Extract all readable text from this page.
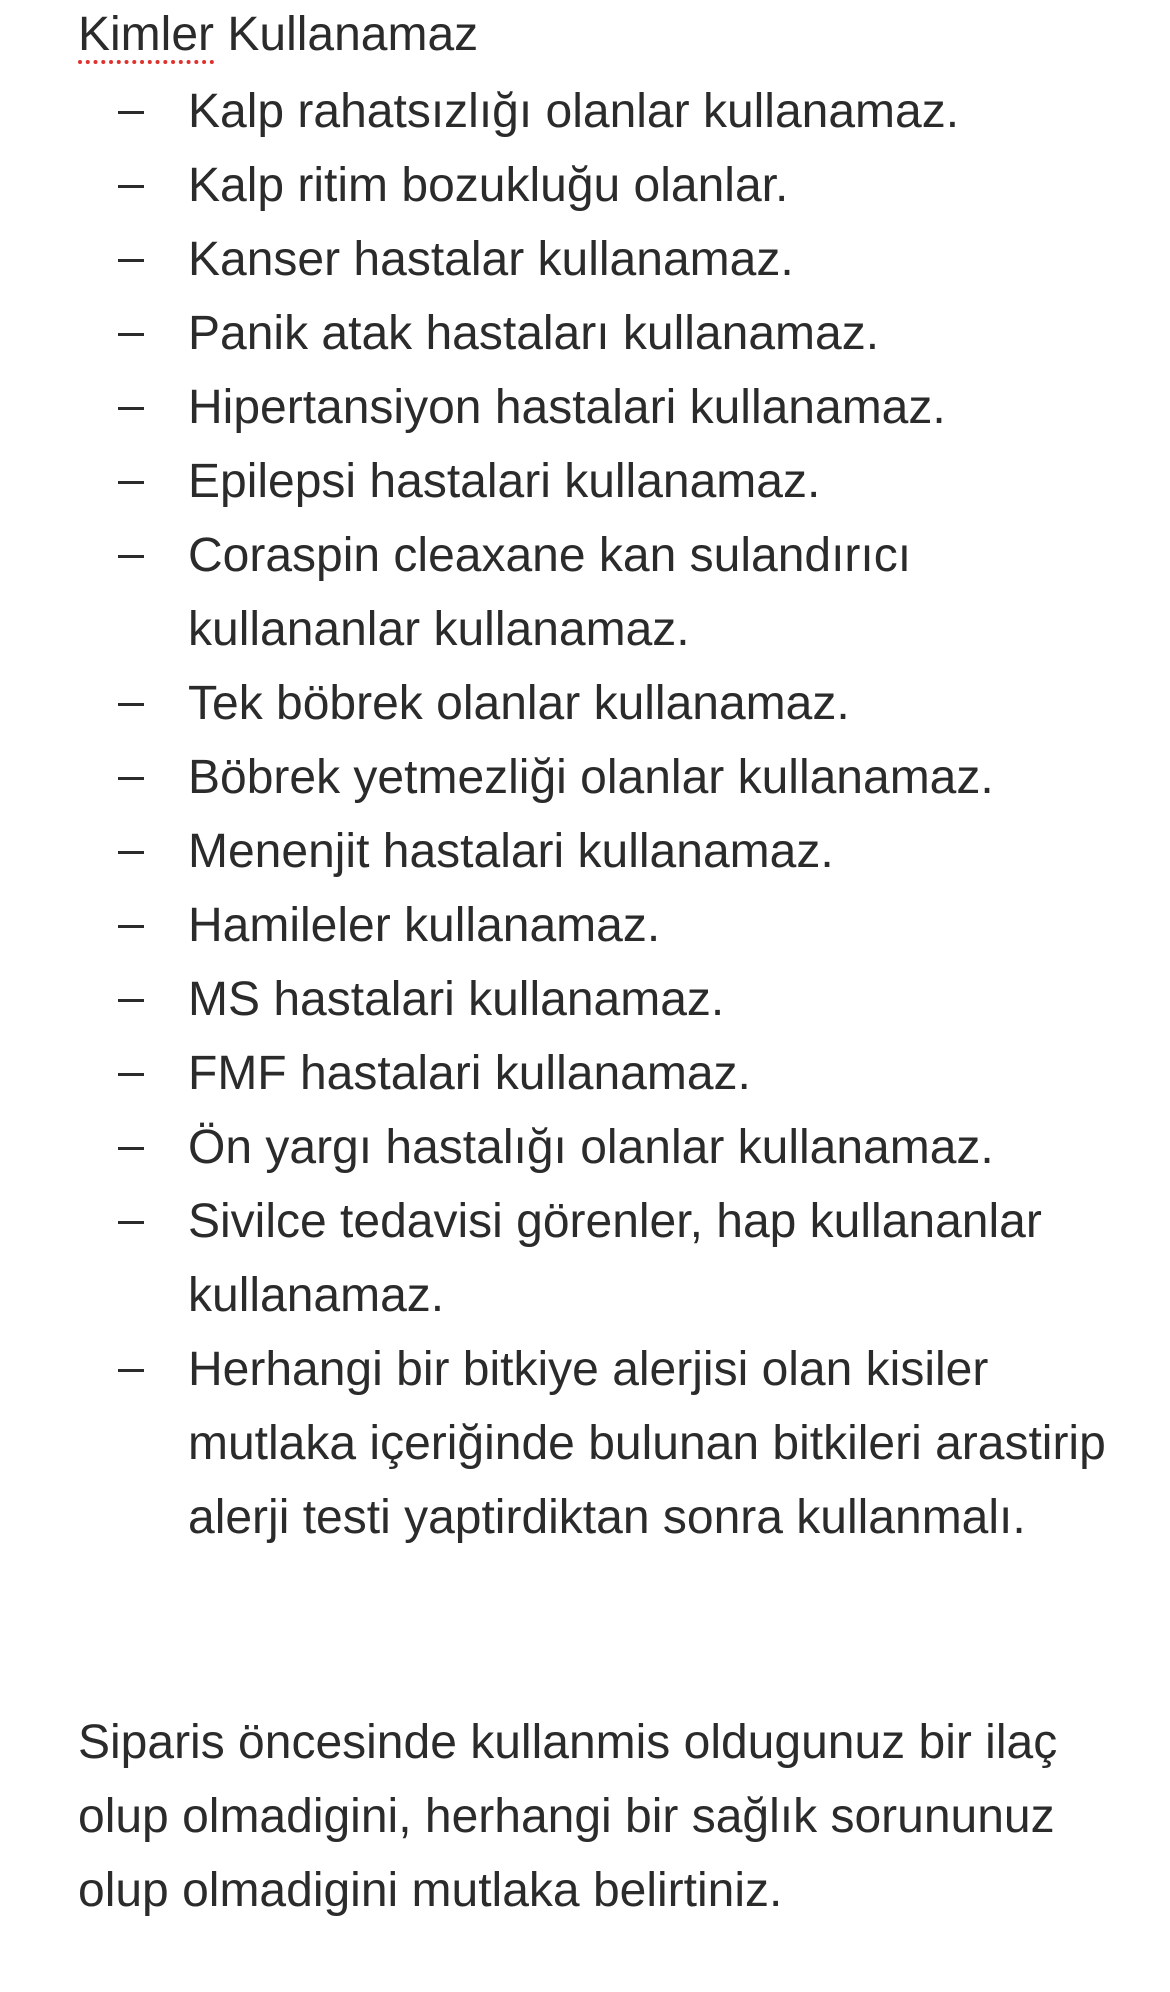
Kimler Kullanamaz
Kalp rahatsızlığı olanlar kullanamaz.
Kalp ritim bozukluğu olanlar.
Kanser hastalar kullanamaz.
Panik atak hastaları kullanamaz.
Hipertansiyon hastalari kullanamaz.
Epilepsi hastalari kullanamaz.
Coraspin cleaxane kan sulandırıcı kullananlar kullanamaz.
Tek böbrek olanlar kullanamaz.
Böbrek yetmezliği olanlar kullanamaz.
Menenjit hastalari kullanamaz.
Hamileler kullanamaz.
MS hastalari kullanamaz.
FMF hastalari kullanamaz.
Ön yargı hastalığı olanlar kullanamaz.
Sivilce tedavisi görenler, hap kullananlar kullanamaz.
Herhangi bir bitkiye alerjisi olan kisiler mutlaka içeriğinde bulunan bitkileri arastirip alerji testi yaptirdiktan sonra kullanmalı.

Siparis öncesinde kullanmis oldugunuz bir ilaç olup olmadigini, herhangi bir sağlık sorununuz olup olmadigini mutlaka belirtiniz.
